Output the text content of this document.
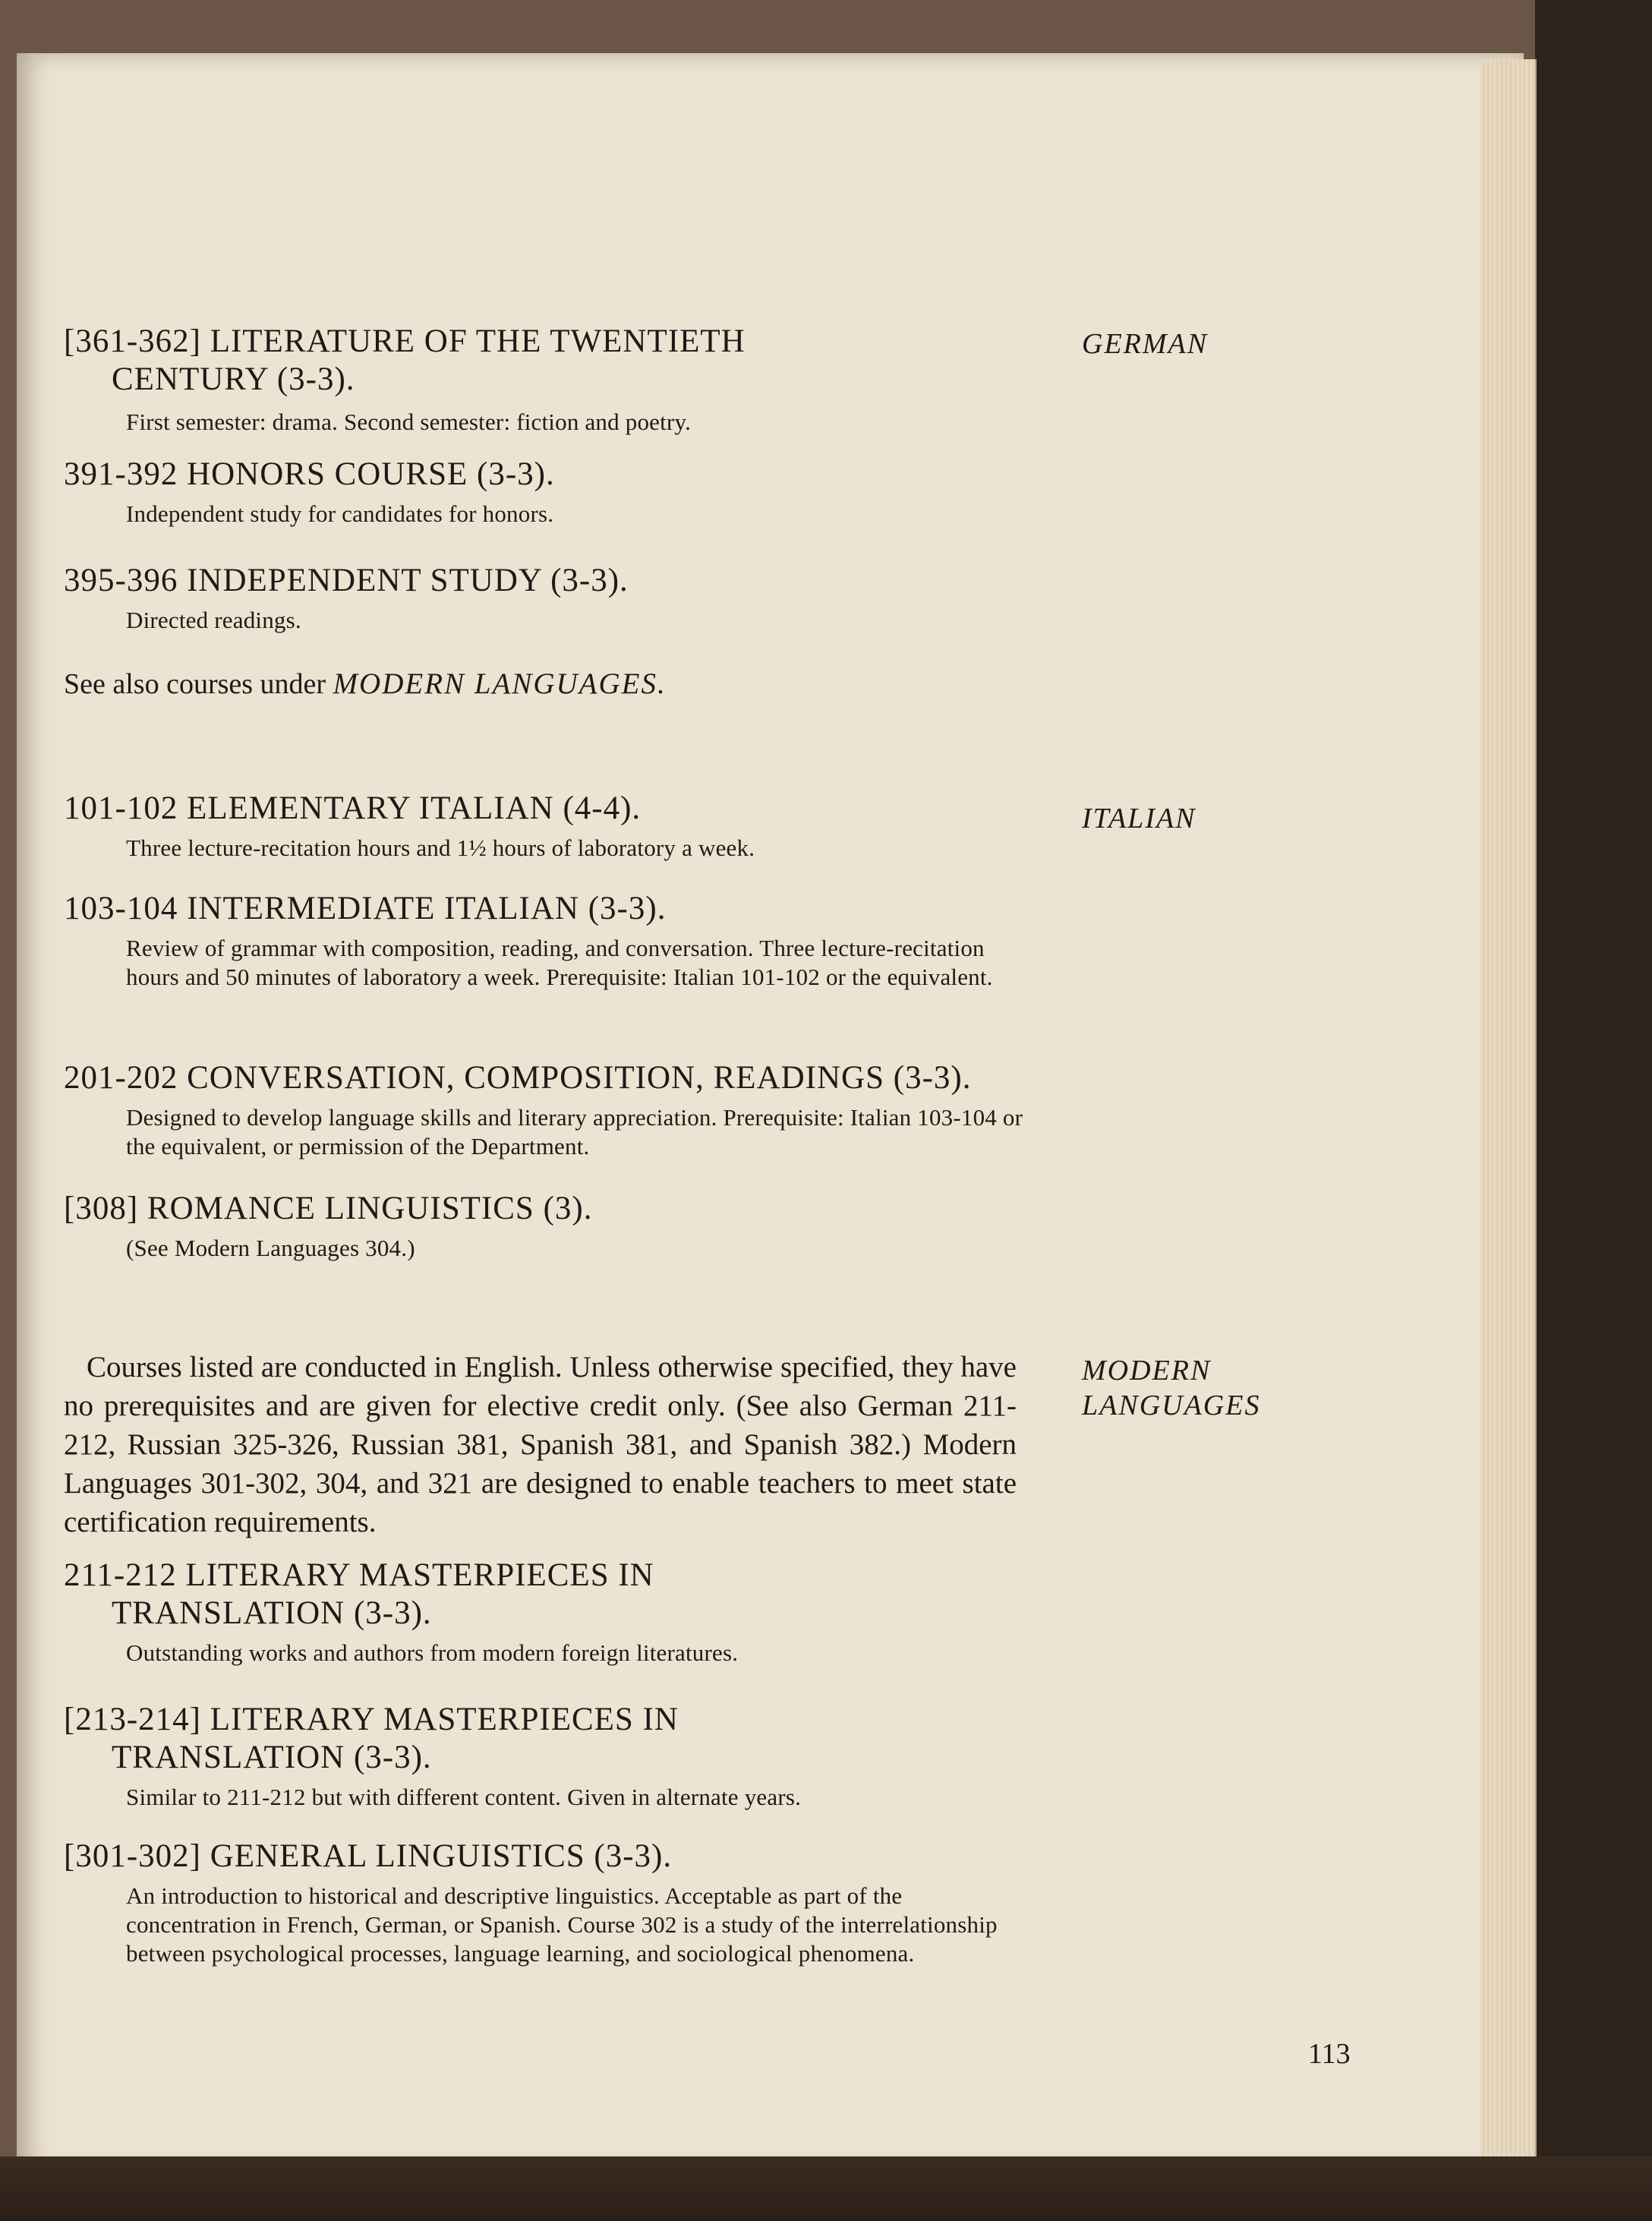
GERMAN

[361-362] LITERATURE OF THE TWENTIETH
CENTURY (3-3).

First semester: drama. Second semester: fiction and poetry.

391-392 HONORS COURSE (3-3).

Independent study for candidates for honors.

395-396 INDEPENDENT STUDY (3-3).

Directed readings.

See also courses under MODERN LANGUAGES.
ITALIAN

101-102 ELEMENTARY ITALIAN (4-4).

Three lecture-recitation hours and 1½ hours of laboratory a week.

103-104 INTERMEDIATE ITALIAN (3-3).

Review of grammar with composition, reading, and conversation. Three lecture-recitation hours and 50 minutes of laboratory a week. Prerequisite: Italian 101-102 or the equivalent.

201-202 CONVERSATION, COMPOSITION, READINGS (3-3).

Designed to develop language skills and literary appreciation. Prerequisite: Italian 103-104 or the equivalent, or permission of the Department.

[308] ROMANCE LINGUISTICS (3).

(See Modern Languages 304.)

MODERN
LANGUAGES
Courses listed are conducted in English. Unless otherwise specified, they have no prerequisites and are given for elective credit only. (See also German 211-212, Russian 325-326, Russian 381, Spanish 381, and Spanish 382.) Modern Languages 301-302, 304, and 321 are designed to enable teachers to meet state certification requirements.

211-212 LITERARY MASTERPIECES IN
TRANSLATION (3-3).

Outstanding works and authors from modern foreign literatures.

[213-214] LITERARY MASTERPIECES IN
TRANSLATION (3-3).

Similar to 211-212 but with different content. Given in alternate years.

[301-302] GENERAL LINGUISTICS (3-3).

An introduction to historical and descriptive linguistics. Acceptable as part of the concentration in French, German, or Spanish. Course 302 is a study of the interrelationship between psychological processes, language learning, and sociological phenomena.

113
